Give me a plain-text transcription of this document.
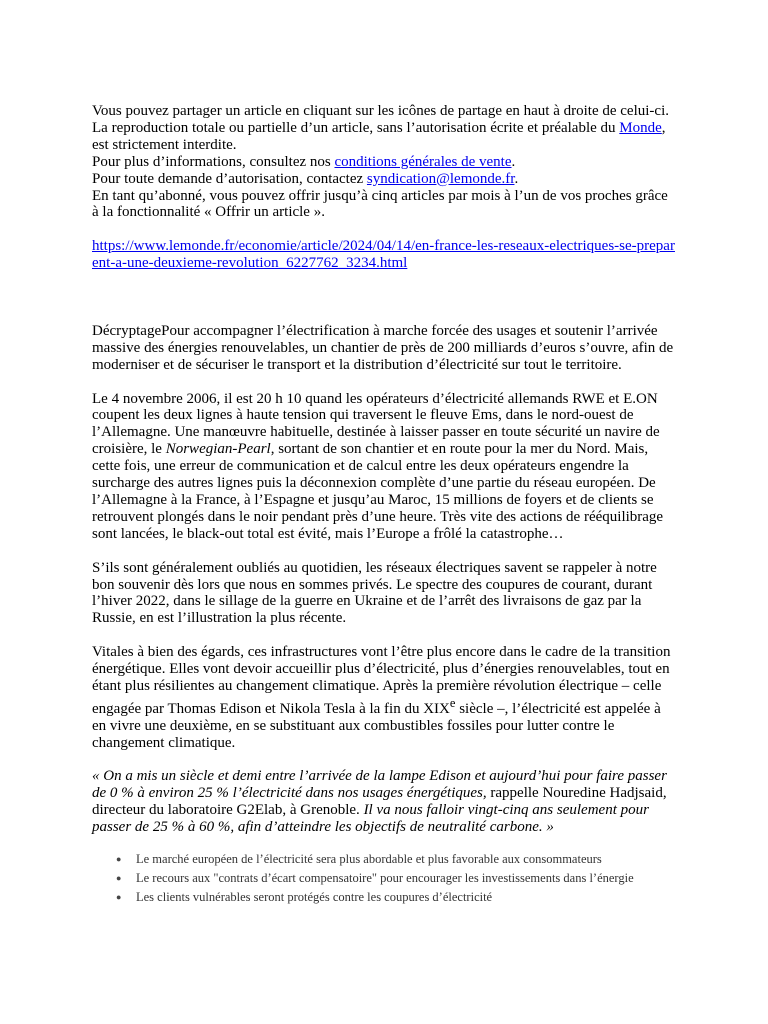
Vous pouvez partager un article en cliquant sur les icônes de partage en haut à droite de celui-ci.

La reproduction totale ou partielle d’un article, sans l’autorisation écrite et préalable du Monde, est strictement interdite.

Pour plus d’informations, consultez nos conditions générales de vente.

Pour toute demande d’autorisation, contactez syndication@lemonde.fr.

En tant qu’abonné, vous pouvez offrir jusqu’à cinq articles par mois à l’un de vos proches grâce à la fonctionnalité « Offrir un article ».

https://www.lemonde.fr/economie/article/2024/04/14/en-france-les-reseaux-electriques-se-preparent-a-une-deuxieme-revolution_6227762_3234.html

DécryptagePour accompagner l’électrification à marche forcée des usages et soutenir l’arrivée massive des énergies renouvelables, un chantier de près de 200 milliards d’euros s’ouvre, afin de moderniser et de sécuriser le transport et la distribution d’électricité sur tout le territoire.

Le 4 novembre 2006, il est 20 h 10 quand les opérateurs d’électricité allemands RWE et E.ON coupent les deux lignes à haute tension qui traversent le fleuve Ems, dans le nord-ouest de l’Allemagne. Une manœuvre habituelle, destinée à laisser passer en toute sécurité un navire de croisière, le Norwegian-Pearl, sortant de son chantier et en route pour la mer du Nord. Mais, cette fois, une erreur de communication et de calcul entre les deux opérateurs engendre la surcharge des autres lignes puis la déconnexion complète d’une partie du réseau européen. De l’Allemagne à la France, à l’Espagne et jusqu’au Maroc, 15 millions de foyers et de clients se retrouvent plongés dans le noir pendant près d’une heure. Très vite des actions de rééquilibrage sont lancées, le black-out total est évité, mais l’Europe a frôlé la catastrophe…

S’ils sont généralement oubliés au quotidien, les réseaux électriques savent se rappeler à notre bon souvenir dès lors que nous en sommes privés. Le spectre des coupures de courant, durant l’hiver 2022, dans le sillage de la guerre en Ukraine et de l’arrêt des livraisons de gaz par la Russie, en est l’illustration la plus récente.

Vitales à bien des égards, ces infrastructures vont l’être plus encore dans le cadre de la transition énergétique. Elles vont devoir accueillir plus d’électricité, plus d’énergies renouvelables, tout en étant plus résilientes au changement climatique. Après la première révolution électrique – celle engagée par Thomas Edison et Nikola Tesla à la fin du XIXe siècle –, l’électricité est appelée à en vivre une deuxième, en se substituant aux combustibles fossiles pour lutter contre le changement climatique.

« On a mis un siècle et demi entre l’arrivée de la lampe Edison et aujourd’hui pour faire passer de 0 % à environ 25 % l’électricité dans nos usages énergétiques, rappelle Nouredine Hadjsaid, directeur du laboratoire G2Elab, à Grenoble. Il va nous falloir vingt-cinq ans seulement pour passer de 25 % à 60 %, afin d’atteindre les objectifs de neutralité carbone. »

● Le marché européen de l’électricité sera plus abordable et plus favorable aux consommateurs
● Le recours aux "contrats d’écart compensatoire" pour encourager les investissements dans l’énergie
● Les clients vulnérables seront protégés contre les coupures d’électricité
